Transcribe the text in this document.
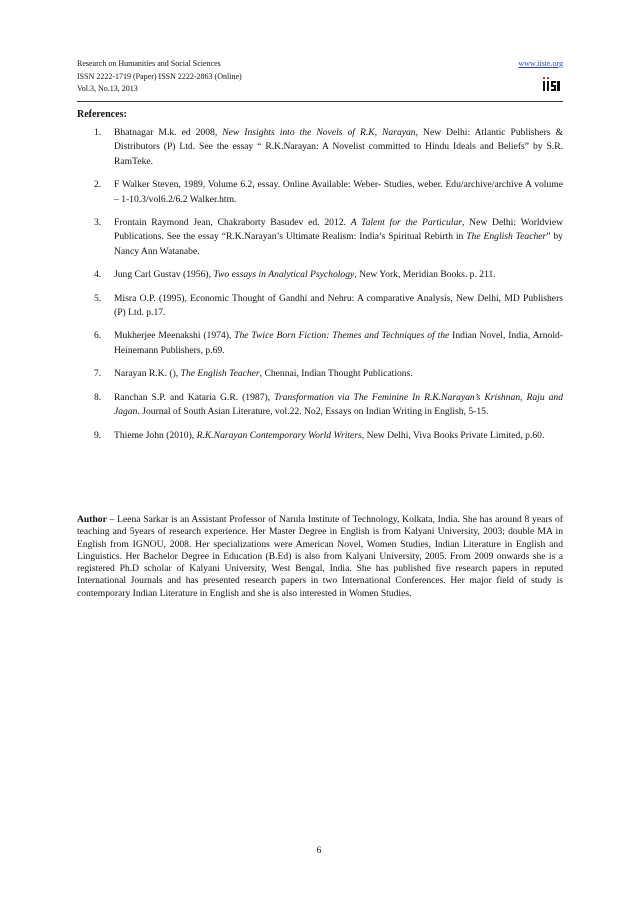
Research on Humanities and Social Sciences
ISSN 2222-1719 (Paper) ISSN 2222-2863 (Online)
Vol.3, No.13, 2013
www.iiste.org
References:
1. Bhatnagar M.k. ed 2008, New Insights into the Novels of R.K, Narayan, New Delhi: Atlantic Publishers & Distributors (P) Ltd. See the essay “ R.K.Narayan: A Novelist committed to Hindu Ideals and Beliefs” by S.R. RamTeke.
2. F Walker Steven, 1989, Volume 6.2, essay. Online Available: Weber- Studies, weber. Edu/archive/archive A volume – 1-10.3/vol6.2/6.2 Walker.htm.
3. Frontain Raymond Jean, Chakraborty Basudev ed. 2012. A Talent for the Particular, New Delhi: Worldview Publications. See the essay “R.K.Narayan’s Ultimate Realism: India’s Spiritual Rebirth in The English Teacher” by Nancy Ann Watanabe.
4. Jung Carl Gustav (1956), Two essays in Analytical Psychology, New York, Meridian Books. p. 211.
5. Misra O.P. (1995), Economic Thought of Gandhi and Nehru: A comparative Analysis, New Delhi, MD Publishers (P) Ltd. p.17.
6. Mukherjee Meenakshi (1974), The Twice Born Fiction: Themes and Techniques of the Indian Novel, India, Arnold-Heinemann Publishers, p.69.
7. Narayan R.K. (), The English Teacher, Chennai, Indian Thought Publications.
8. Ranchan S.P. and Kataria G.R. (1987), Transformation via The Feminine In R.K.Narayan’s Krishnan, Raju and Jagan. Journal of South Asian Literature, vol.22. No2, Essays on Indian Writing in English, 5-15.
9. Thieme John (2010), R.K.Narayan Contemporary World Writers, New Delhi, Viva Books Private Limited, p.60.
Author – Leena Sarkar is an Assistant Professor of Narula Institute of Technology, Kolkata, India. She has around 8 years of teaching and 5years of research experience. Her Master Degree in English is from Kalyani University, 2003; double MA in English from IGNOU, 2008. Her specializations were American Novel, Women Studies, Indian Literature in English and Linguistics. Her Bachelor Degree in Education (B.Ed) is also from Kalyani University, 2005. From 2009 onwards she is a registered Ph.D scholar of Kalyani University, West Bengal, India. She has published five research papers in reputed International Journals and has presented research papers in two International Conferences. Her major field of study is contemporary Indian Literature in English and she is also interested in Women Studies.
6
